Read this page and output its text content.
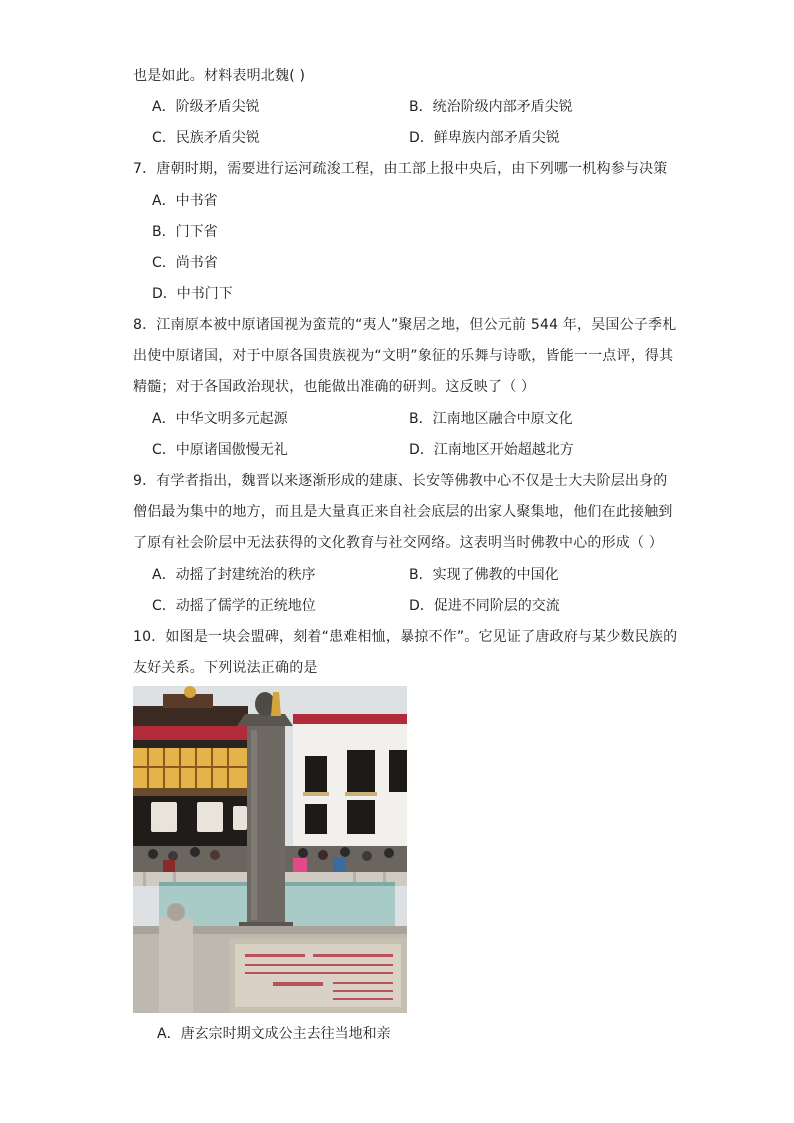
也是如此。材料表明北魏( )
A．阶级矛盾尖锐	B．统治阶级内部矛盾尖锐
C．民族矛盾尖锐	D．鲜卑族内部矛盾尖锐
7．唐朝时期，需要进行运河疏浚工程，由工部上报中央后，由下列哪一机构参与决策
A．中书省
B．门下省
C．尚书省
D．中书门下
8．江南原本被中原诸国视为蛮荒的“夷人”聚居之地，但公元前 544 年，吴国公子季札
出使中原诸国，对于中原各国贵族视为“文明”象征的乐舞与诗歌，皆能一一点评，得其
精髓；对于各国政治现状，也能做出准确的研判。这反映了（ ）
A．中华文明多元起源	B．江南地区融合中原文化
C．中原诸国傲慢无礼	D．江南地区开始超越北方
9．有学者指出，魏晋以来逐渐形成的建康、长安等佛教中心不仅是士大夫阶层出身的
僧侣最为集中的地方，而且是大量真正来自社会底层的出家人聚集地，他们在此接触到
了原有社会阶层中无法获得的文化教育与社交网络。这表明当时佛教中心的形成（ ）
A．动摇了封建统治的秩序	B．实现了佛教的中国化
C．动摇了儒学的正统地位	D．促进不同阶层的交流
10．如图是一块会盟碑，刻着“患难相恤，暴掠不作”。它见证了唐政府与某少数民族的
友好关系。下列说法正确的是
A．唐玄宗时期文成公主去往当地和亲
